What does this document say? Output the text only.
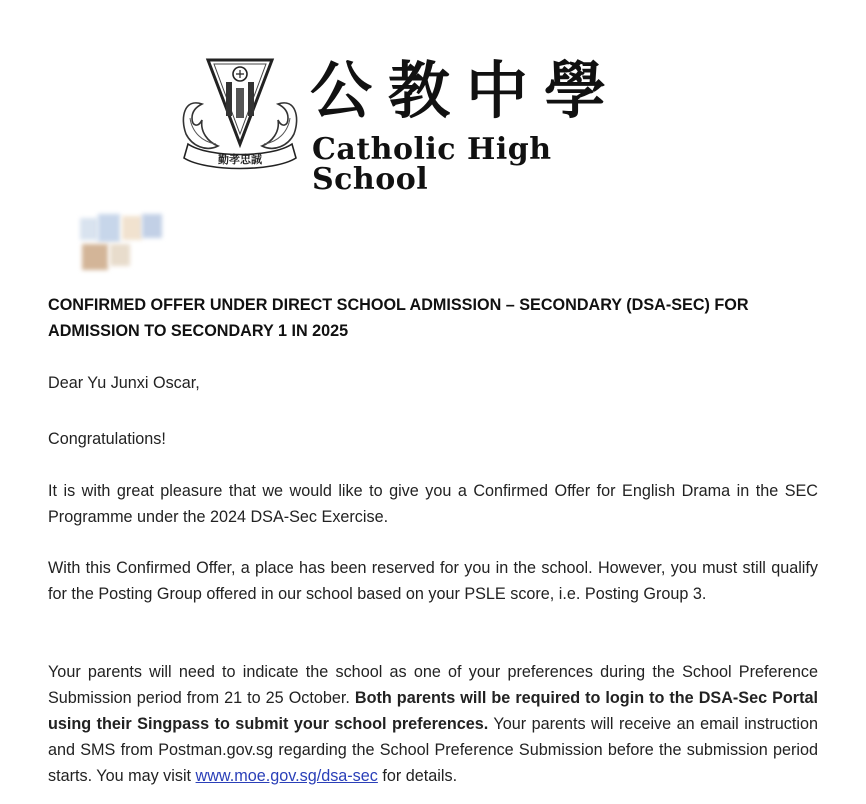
勤孝忠誠
公教中學
Catholic High School
CONFIRMED OFFER UNDER DIRECT SCHOOL ADMISSION – SECONDARY (DSA-SEC) FOR ADMISSION TO SECONDARY 1 IN 2025
Dear Yu Junxi Oscar,
Congratulations!
It is with great pleasure that we would like to give you a Confirmed Offer for English Drama in the SEC Programme under the 2024 DSA-Sec Exercise.
With this Confirmed Offer, a place has been reserved for you in the school. However, you must still qualify for the Posting Group offered in our school based on your PSLE score, i.e. Posting Group 3.
Your parents will need to indicate the school as one of your preferences during the School Preference Submission period from 21 to 25 October. Both parents will be required to login to the DSA-Sec Portal using their Singpass to submit your school preferences. Your parents will receive an email instruction and SMS from Postman.gov.sg regarding the School Preference Submission before the submission period starts. You may visit www.moe.gov.sg/dsa-sec for details.
